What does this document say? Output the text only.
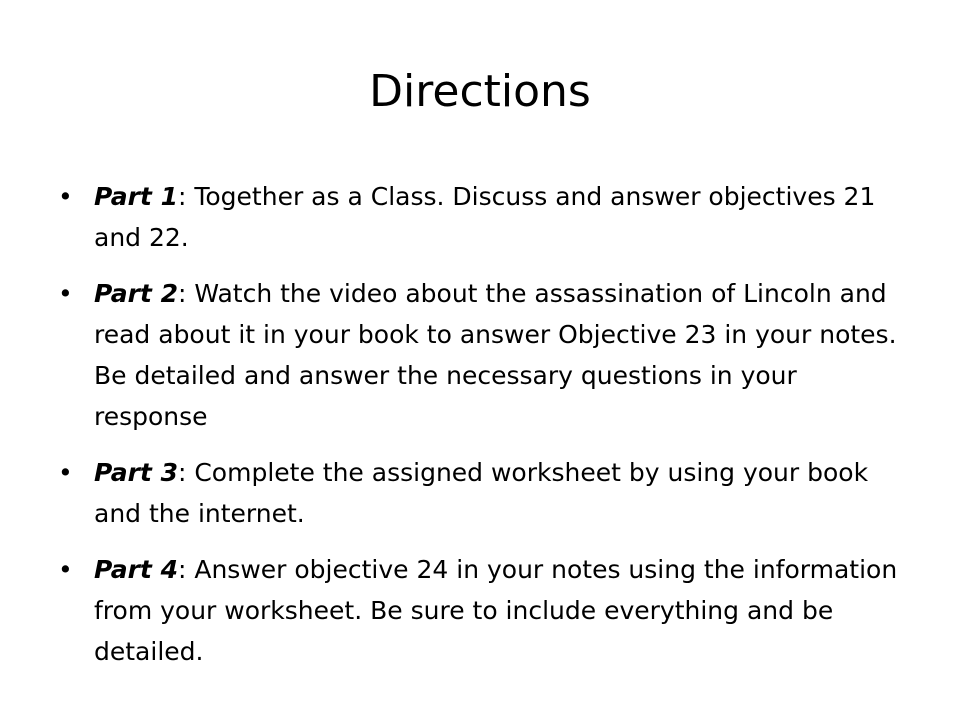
Directions
• Part 1: Together as a Class. Discuss and answer objectives 21 and 22.
• Part 2: Watch the video about the assassination of Lincoln and read about it in your book to answer Objective 23 in your notes. Be detailed and answer the necessary questions in your response
• Part 3: Complete the assigned worksheet by using your book and the internet.
• Part 4: Answer objective 24 in your notes using the information from your worksheet. Be sure to include everything and be detailed.
